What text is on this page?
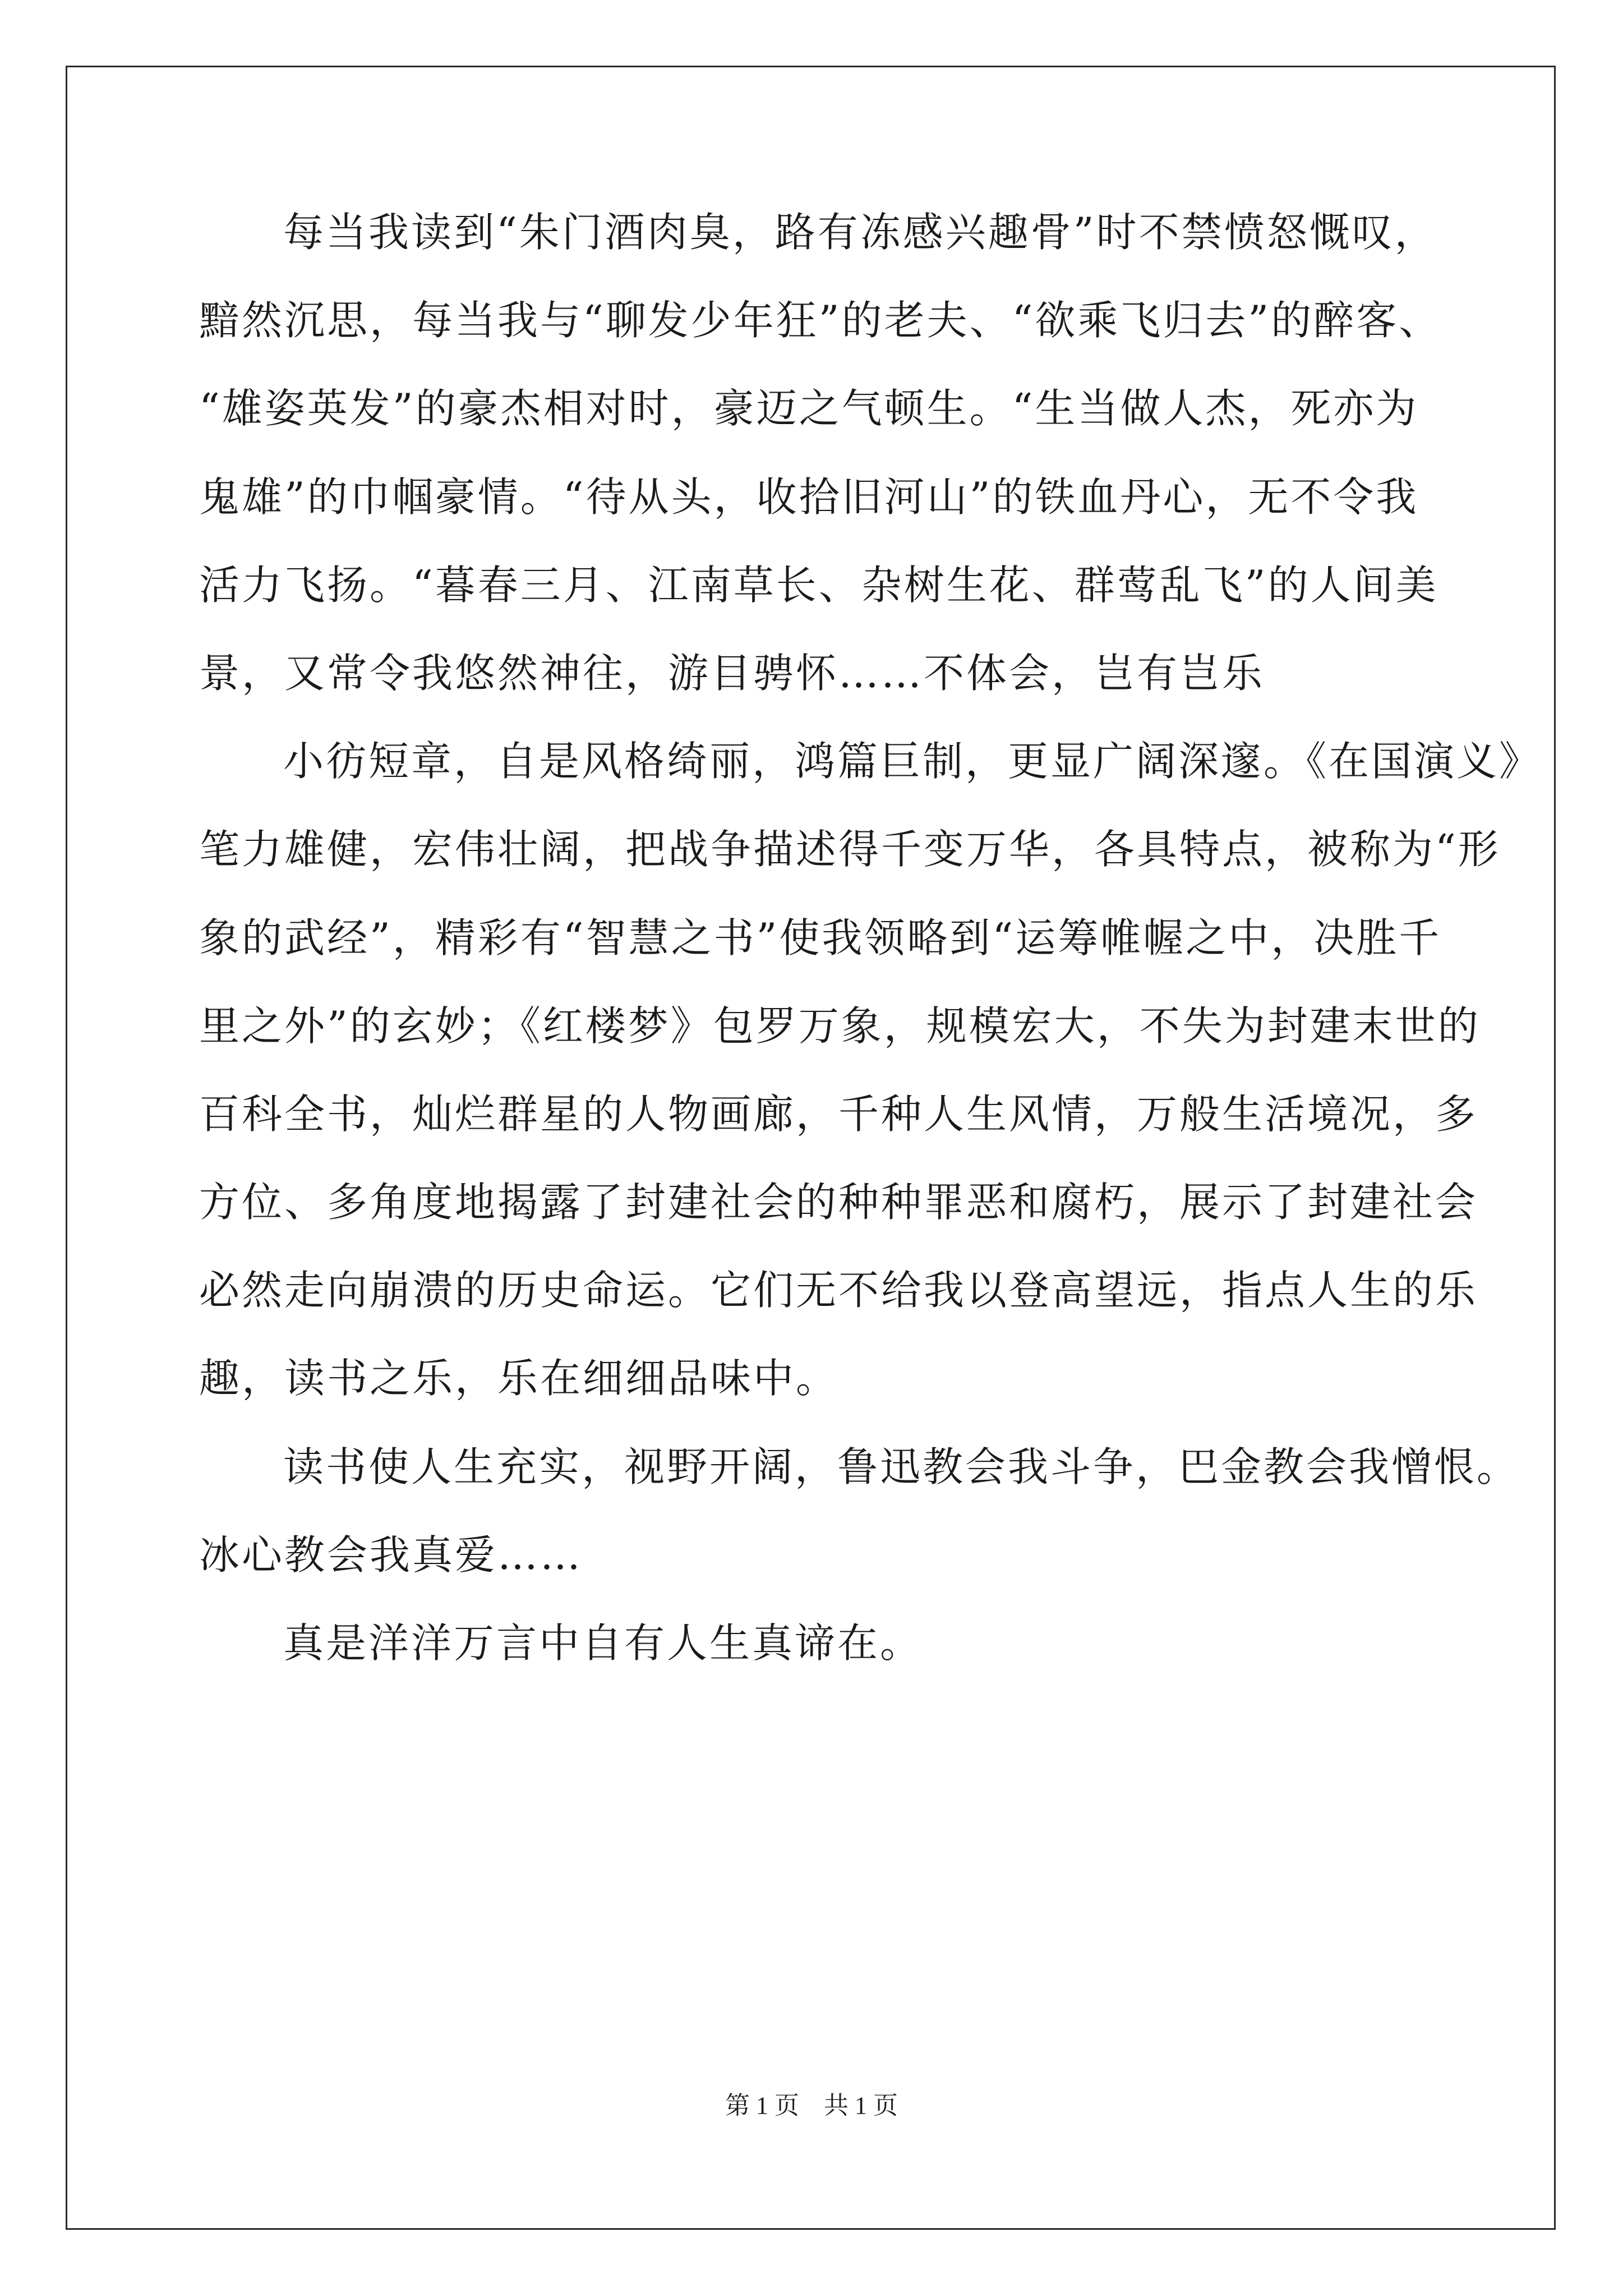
每当我读到“朱门酒肉臭，路有冻感兴趣骨”时不禁愤怒慨叹，
黯然沉思，每当我与“聊发少年狂”的老夫、“欲乘飞归去”的醉客、
“雄姿英发”的豪杰相对时，豪迈之气顿生。“生当做人杰，死亦为
鬼雄”的巾帼豪情。“待从头，收拾旧河山”的铁血丹心，无不令我
活力飞扬。“暮春三月、江南草长、杂树生花、群莺乱飞”的人间美
景，又常令我悠然神往，游目骋怀……不体会，岂有岂乐
小彷短章，自是风格绮丽，鸿篇巨制，更显广阔深邃。《在国演义》
笔力雄健，宏伟壮阔，把战争描述得千变万华，各具特点，被称为“形
象的武经”，精彩有“智慧之书”使我领略到“运筹帷幄之中，决胜千
里之外”的玄妙；《红楼梦》包罗万象，规模宏大，不失为封建末世的
百科全书，灿烂群星的人物画廊，千种人生风情，万般生活境况，多
方位、多角度地揭露了封建社会的种种罪恶和腐朽，展示了封建社会
必然走向崩溃的历史命运。它们无不给我以登高望远，指点人生的乐
趣，读书之乐，乐在细细品味中。
读书使人生充实，视野开阔，鲁迅教会我斗争，巴金教会我憎恨。
冰心教会我真爱……
真是洋洋万言中自有人生真谛在。
第 1 页    共 1 页
